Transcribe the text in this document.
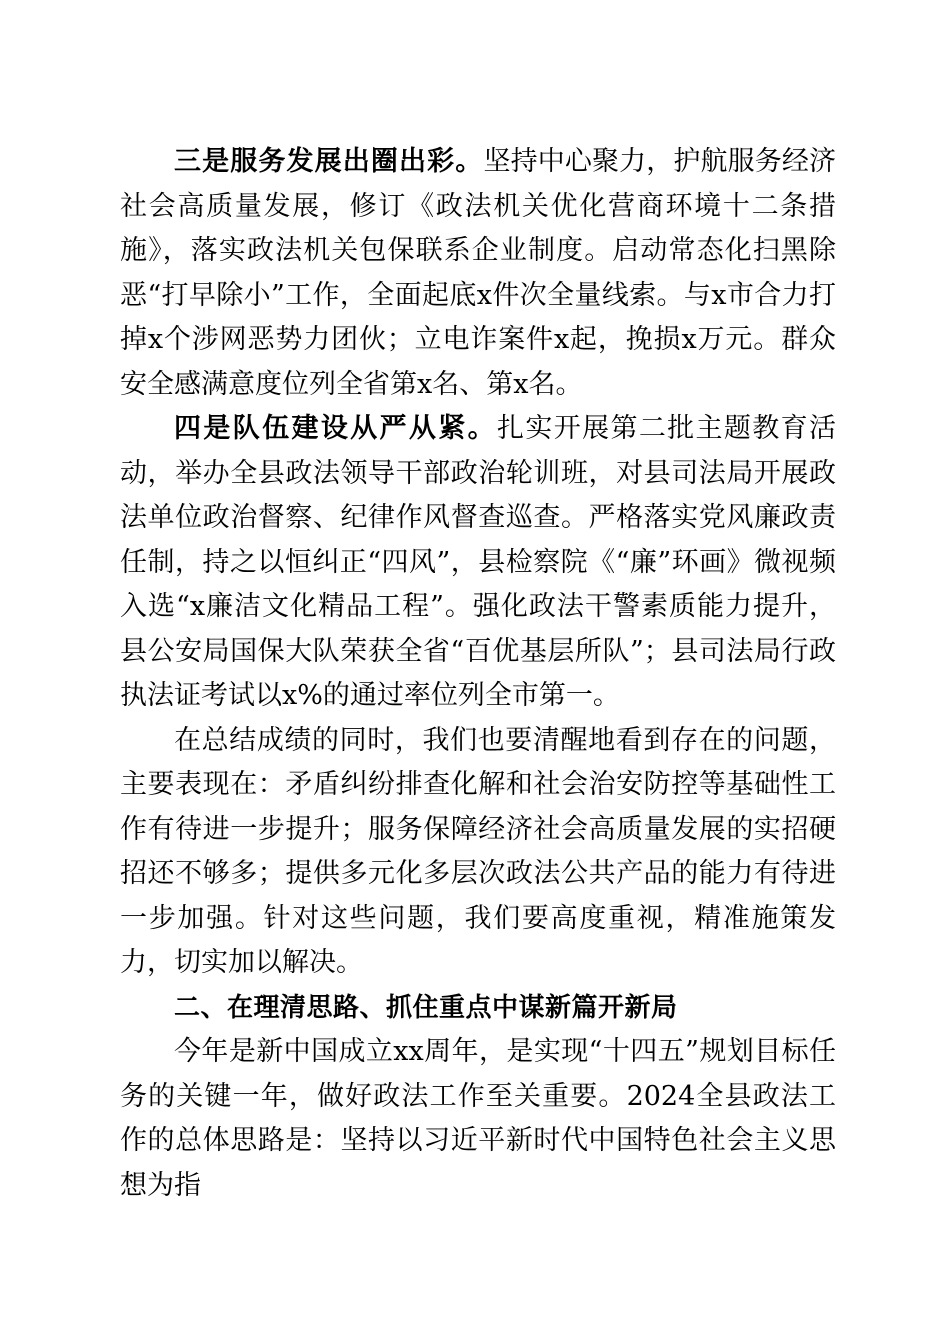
三是服务发展出圈出彩。坚持中心聚力，护航服务经济社会高质量发展，修订《政法机关优化营商环境十二条措施》，落实政法机关包保联系企业制度。启动常态化扫黑除恶“打早除小”工作，全面起底x件次全量线索。与x市合力打掉x个涉网恶势力团伙；立电诈案件x起，挽损x万元。群众安全感满意度位列全省第x名、第x名。

四是队伍建设从严从紧。扎实开展第二批主题教育活动，举办全县政法领导干部政治轮训班，对县司法局开展政法单位政治督察、纪律作风督查巡查。严格落实党风廉政责任制，持之以恒纠正“四风”，县检察院《“廉”环画》微视频入选“x廉洁文化精品工程”。强化政法干警素质能力提升，县公安局国保大队荣获全省“百优基层所队”；县司法局行政执法证考试以x%的通过率位列全市第一。

在总结成绩的同时，我们也要清醒地看到存在的问题，主要表现在：矛盾纠纷排查化解和社会治安防控等基础性工作有待进一步提升；服务保障经济社会高质量发展的实招硬招还不够多；提供多元化多层次政法公共产品的能力有待进一步加强。针对这些问题，我们要高度重视，精准施策发力，切实加以解决。

二、在理清思路、抓住重点中谋新篇开新局

今年是新中国成立xx周年，是实现“十四五”规划目标任务的关键一年，做好政法工作至关重要。2024全县政法工作的总体思路是：坚持以习近平新时代中国特色社会主义思想为指
